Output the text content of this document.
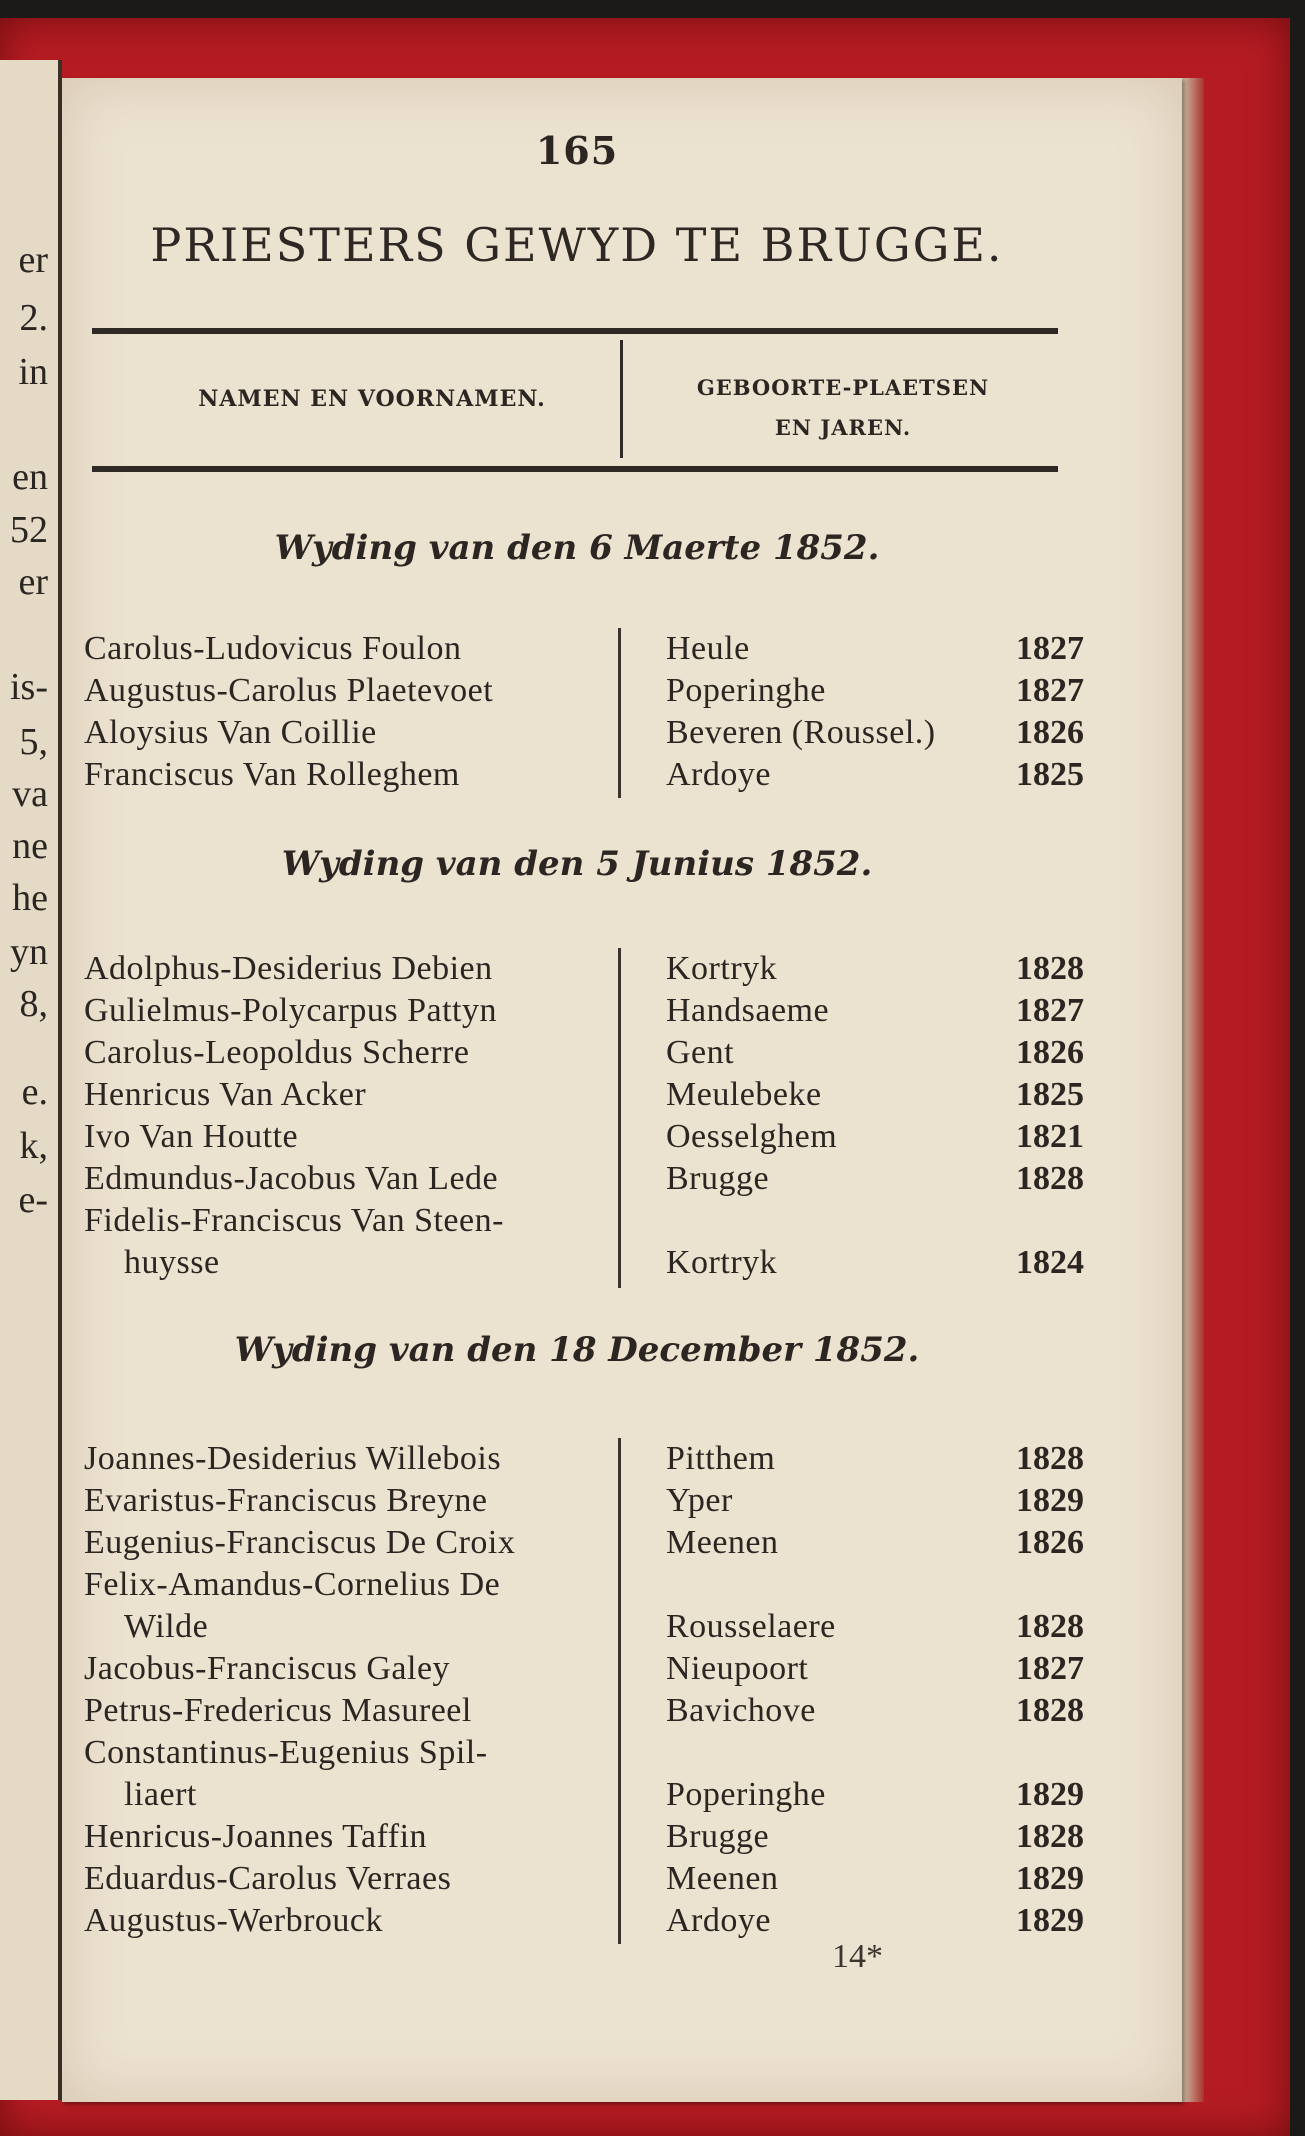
er
2.
in
en
52
er
is-
5,
va
ne
he
yn
8,
e.
k,
e-
165
PRIESTERS GEWYD TE BRUGGE.
NAMEN EN VOORNAMEN.	GEBOORTE-PLAETSEN
EN JAREN.
Wyding van den 6 Maerte 1852.
Carolus-Ludovicus Foulon	Heule	1827
Augustus-Carolus Plaetevoet	Poperinghe	1827
Aloysius Van Coillie	Beveren (Roussel.)	1826
Franciscus Van Rolleghem	Ardoye	1825
Wyding van den 5 Junius 1852.
Adolphus-Desiderius Debien	Kortryk	1828
Gulielmus-Polycarpus Pattyn	Handsaeme	1827
Carolus-Leopoldus Scherre	Gent	1826
Henricus Van Acker	Meulebeke	1825
Ivo Van Houtte	Oesselghem	1821
Edmundus-Jacobus Van Lede	Brugge	1828
Fidelis-Franciscus Van Steen-
huysse	Kortryk	1824
Wyding van den 18 December 1852.
Joannes-Desiderius Willebois	Pitthem	1828
Evaristus-Franciscus Breyne	Yper	1829
Eugenius-Franciscus De Croix	Meenen	1826
Felix-Amandus-Cornelius De
Wilde	Rousselaere	1828
Jacobus-Franciscus Galey	Nieupoort	1827
Petrus-Fredericus Masureel	Bavichove	1828
Constantinus-Eugenius Spil-
liaert	Poperinghe	1829
Henricus-Joannes Taffin	Brugge	1828
Eduardus-Carolus Verraes	Meenen	1829
Augustus-Werbrouck	Ardoye	1829
14*
